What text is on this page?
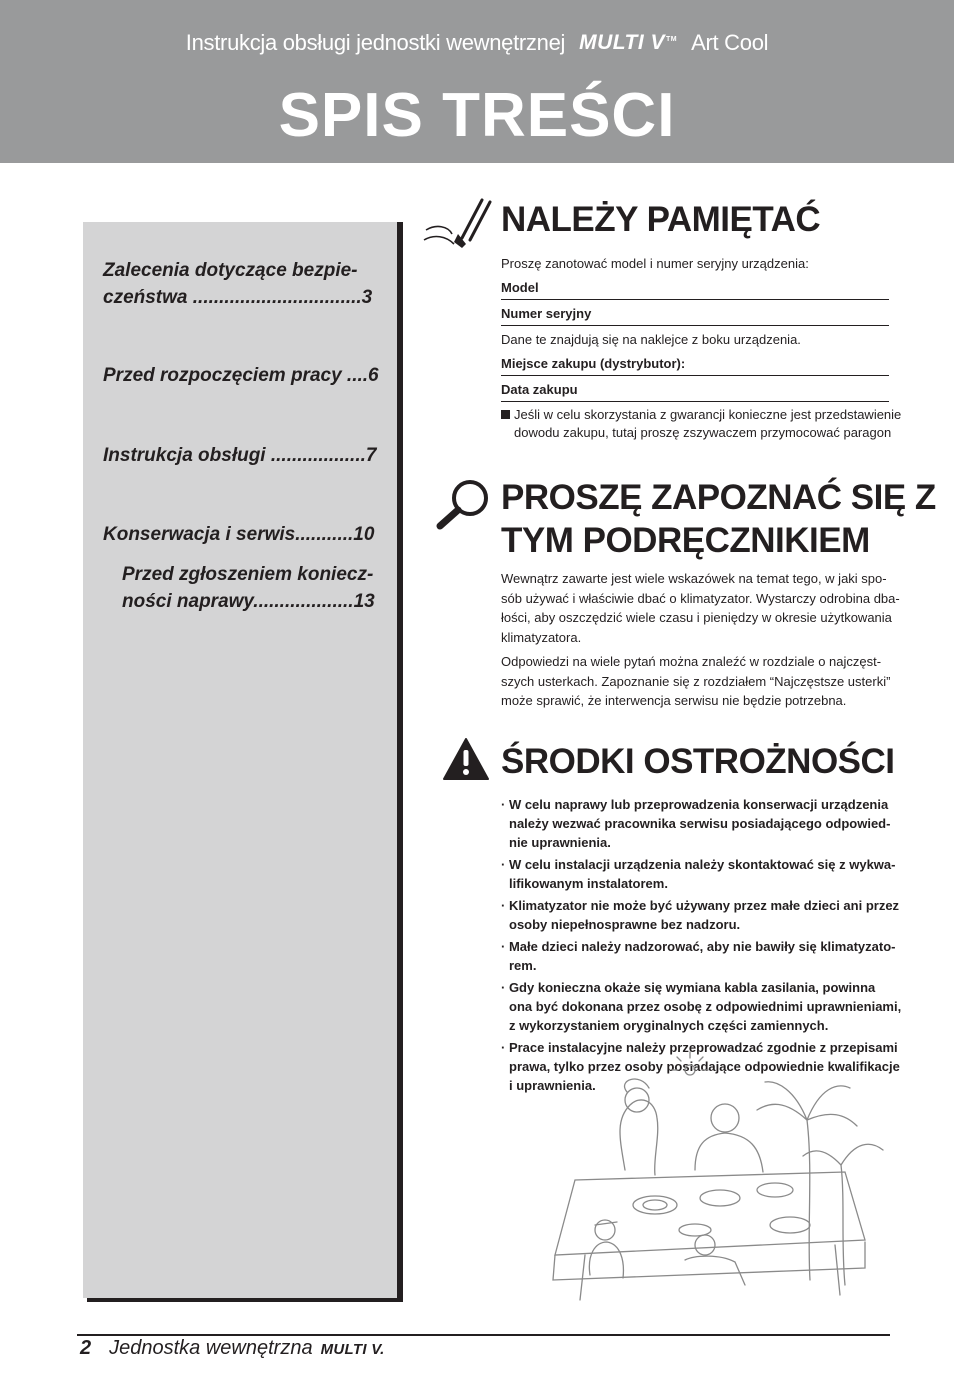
Instrukcja obsługi jednostki wewnętrznej MULTI V™ Art Cool
SPIS TREŚCI
Zalecenia dotyczące bezpie-
czeństwa ................................3
Przed rozpoczęciem pracy ....6
Instrukcja obsługi ..................7
Konserwacja i serwis...........10
Przed zgłoszeniem koniecz-
ności naprawy...................13
NALEŻY PAMIĘTAĆ
Proszę zanotować model i numer seryjny urządzenia:
Model
Numer seryjny
Dane te znajdują się na naklejce z boku urządzenia.
Miejsce zakupu (dystrybutor):
Data zakupu
Jeśli w celu skorzystania z gwarancji konieczne jest przedstawienie
dowodu zakupu, tutaj proszę zszywaczem przymocować paragon
PROSZĘ ZAPOZNAĆ SIĘ Z
TYM PODRĘCZNIKIEM
Wewnątrz zawarte jest wiele wskazówek na temat tego, w jaki spo-
sób używać i właściwie dbać o klimatyzator. Wystarczy odrobina dba-
łości, aby oszczędzić wiele czasu i pieniędzy w okresie użytkowania
klimatyzatora.
Odpowiedzi na wiele pytań można znaleźć w rozdziale o najczęst-
szych usterkach. Zapoznanie się z rozdziałem “Najczęstsze usterki”
może sprawić, że interwencja serwisu nie będzie potrzebna.
ŚRODKI OSTROŻNOŚCI
· W celu naprawy lub przeprowadzenia konserwacji urządzenia
należy wezwać pracownika serwisu posiadającego odpowied-
nie uprawnienia.
· W celu instalacji urządzenia należy skontaktować się z wykwa-
lifikowanym instalatorem.
· Klimatyzator nie może być używany przez małe dzieci ani przez
osoby niepełnosprawne bez nadzoru.
· Małe dzieci należy nadzorować, aby nie bawiły się klimatyzato-
rem.
· Gdy konieczna okaże się wymiana kabla zasilania, powinna
ona być dokonana przez osobę z odpowiednimi uprawnieniami,
z wykorzystaniem oryginalnych części zamiennych.
· Prace instalacyjne należy przeprowadzać zgodnie z przepisami
prawa, tylko przez osoby posiadające odpowiednie kwalifikacje
i uprawnienia.
2 Jednostka wewnętrzna MULTI V.
